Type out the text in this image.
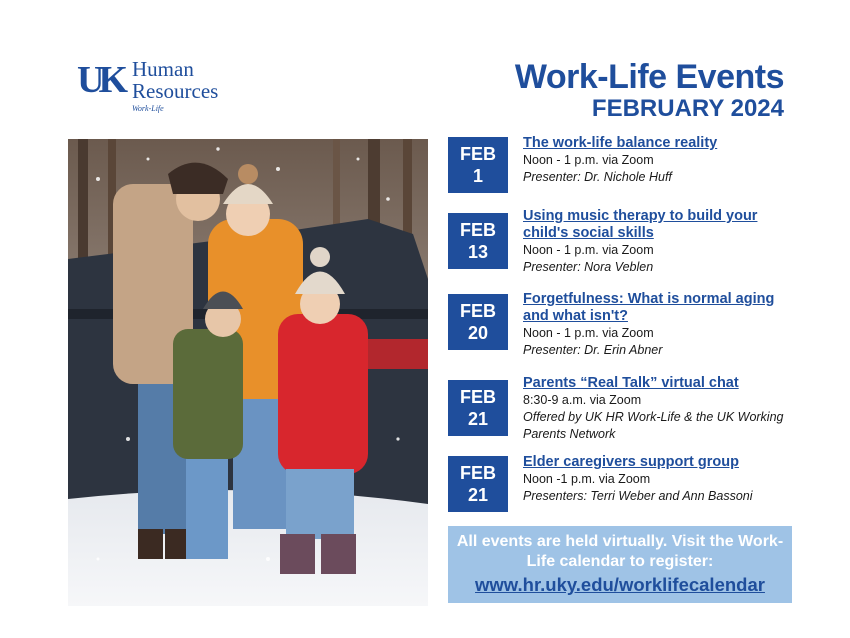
UK Human
Resources
Work-Life
Work-Life Events
FEBRUARY 2024
FEB
1
The work-life balance reality
Noon - 1 p.m. via Zoom
Presenter: Dr. Nichole Huff
FEB
13
Using music therapy to build your child's social skills
Noon - 1 p.m. via Zoom
Presenter: Nora Veblen
FEB
20
Forgetfulness: What is normal aging and what isn't?
Noon - 1 p.m. via Zoom
Presenter: Dr. Erin Abner
FEB
21
Parents “Real Talk” virtual chat
8:30-9 a.m. via Zoom
Offered by UK HR Work-Life & the UK Working Parents Network
FEB
21
Elder caregivers support group
Noon -1 p.m. via Zoom
Presenters: Terri Weber and Ann Bassoni
All events are held virtually. Visit the Work-Life calendar to register:
www.hr.uky.edu/worklifecalendar
